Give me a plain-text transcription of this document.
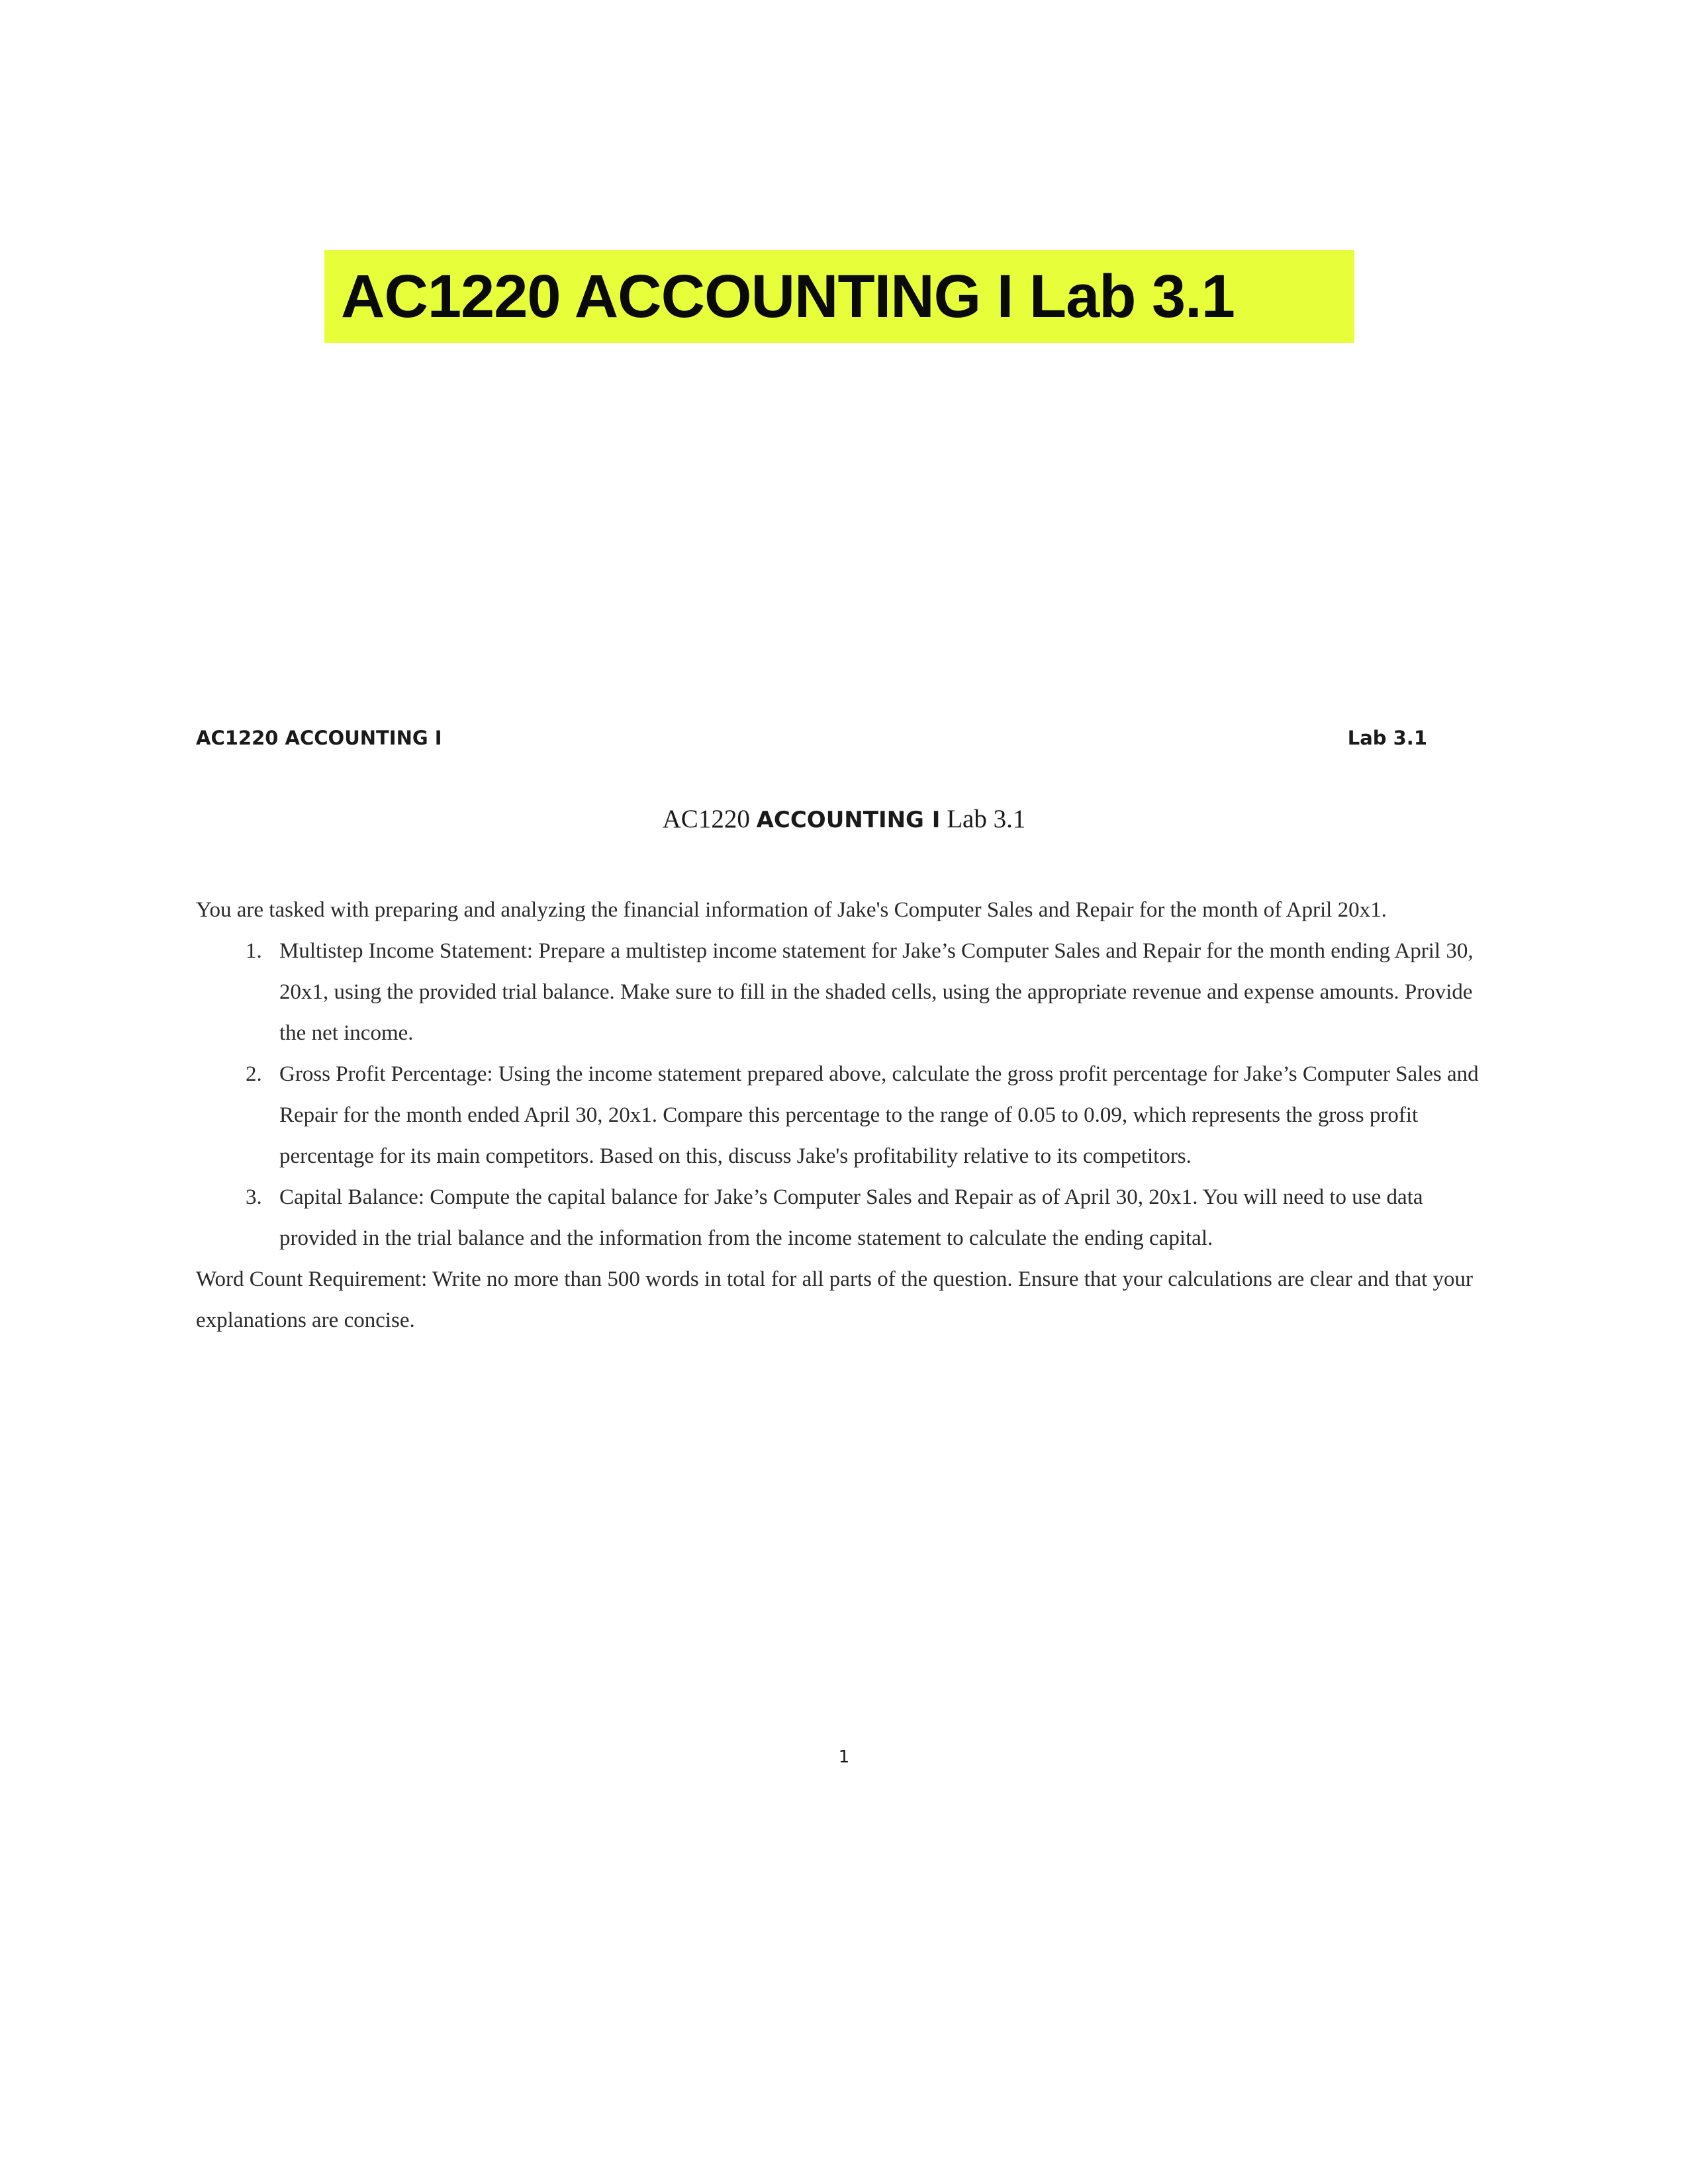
AC1220 ACCOUNTING I Lab 3.1
AC1220 ACCOUNTING I	Lab 3.1
AC1220 ACCOUNTING I Lab 3.1

You are tasked with preparing and analyzing the financial information of Jake's Computer Sales and Repair for the month of April 20x1.

1. Multistep Income Statement: Prepare a multistep income statement for Jake’s Computer Sales and Repair for the month ending April 30, 20x1, using the provided trial balance. Make sure to fill in the shaded cells, using the appropriate revenue and expense amounts. Provide the net income.
2. Gross Profit Percentage: Using the income statement prepared above, calculate the gross profit percentage for Jake’s Computer Sales and Repair for the month ended April 30, 20x1. Compare this percentage to the range of 0.05 to 0.09, which represents the gross profit percentage for its main competitors. Based on this, discuss Jake's profitability relative to its competitors.
3. Capital Balance: Compute the capital balance for Jake’s Computer Sales and Repair as of April 30, 20x1. You will need to use data provided in the trial balance and the information from the income statement to calculate the ending capital.

Word Count Requirement: Write no more than 500 words in total for all parts of the question. Ensure that your calculations are clear and that your explanations are concise.

1
